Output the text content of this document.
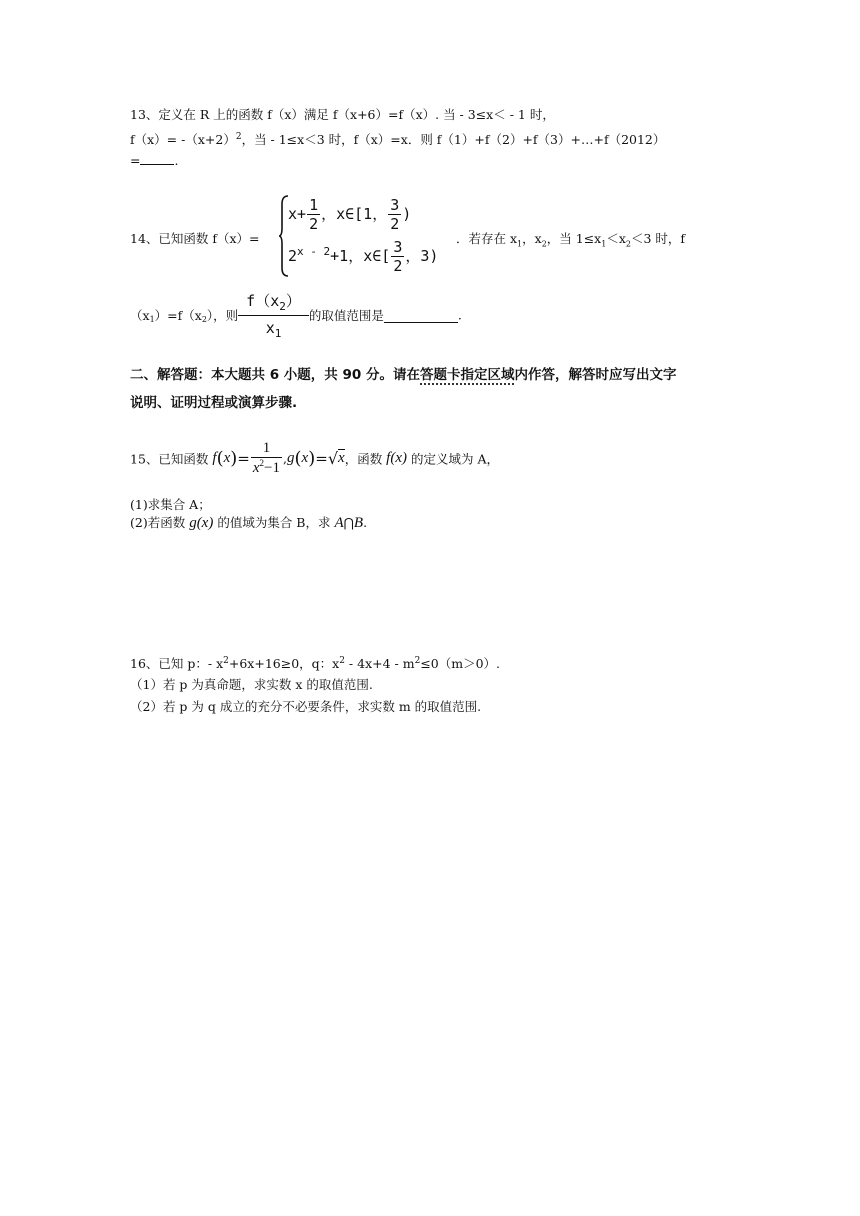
13、定义在 R 上的函数 f（x）满足 f（x+6）=f（x）. 当 - 3≤x＜ - 1 时，
$f(x)= -(x+2)^2$，当 - 1≤x＜3 时，f（x）=x．则 f（1）+f（2）+f（3）+…+f（2012）
=	.
14、已知函数 f（x）=
$x+ \frac{1}{2}$ ，x∈[1， $\frac{3}{2}$ )
$2^{x - 2}+1$，x∈[ $\frac{3}{2}$ ，3)
．若存在 $x_1$，$x_2$，当 $1\le x_1<x_2<3$ 时，f
$(x_1)=f(x_2)$，则 $\frac{f(x_2)}{x_1}$ 的取值范围是	.
二、解答题：本大题共 6 小题，共 90 分。请在答题卡指定区域内作答，解答时应写出文字
说明、证明过程或演算步骤.
15、已知函数 $f(x)= \frac{1}{x^2-1} ,g(x)=√x$，函数 f(x) 的定义域为 A，
(1)求集合 A；
(2)若函数 g(x) 的值域为集合 B，求 A⋂B.
16、已知 p：- $x^2+6x+16\ge 0$，q：$x^2 - 4x+4 - m^2\le 0(m>0)$.
（1）若 p 为真命题，求实数 x 的取值范围.
（2）若 p 为 q 成立的充分不必要条件，求实数 m 的取值范围.
